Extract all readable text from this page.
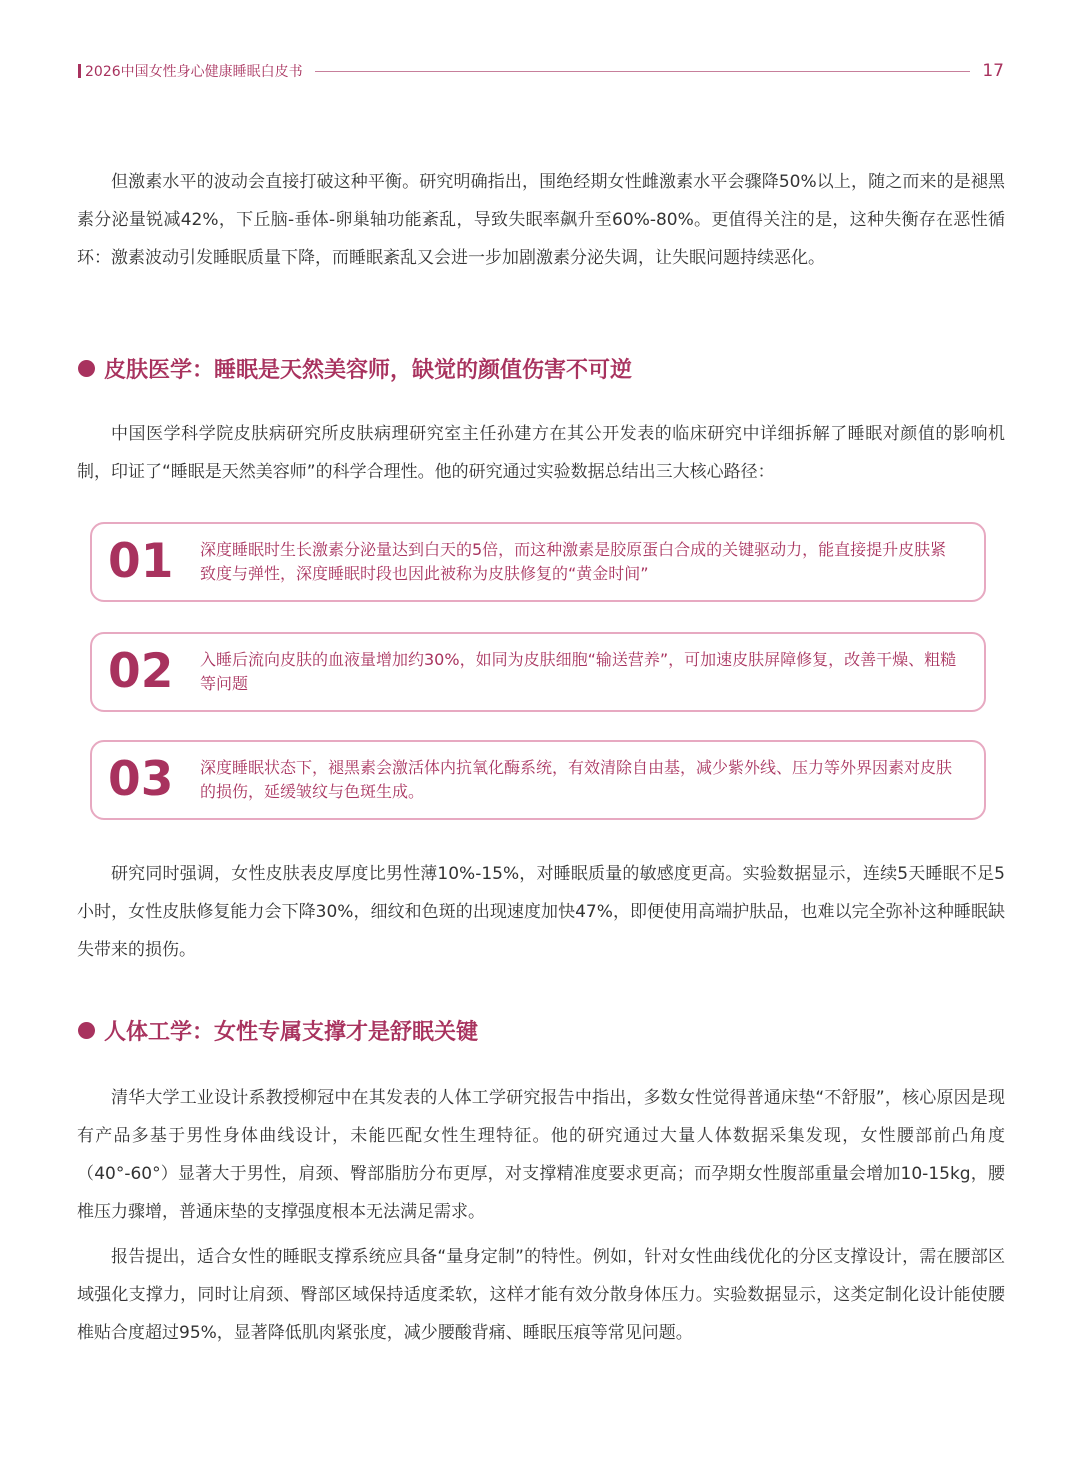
2026中国女性身心健康睡眠白皮书	17

但激素水平的波动会直接打破这种平衡。研究明确指出，围绝经期女性雌激素水平会骤降50%以上，随之而来的是褪黑素分泌量锐减42%，下丘脑-垂体-卵巢轴功能紊乱，导致失眠率飙升至60%-80%。更值得关注的是，这种失衡存在恶性循环：激素波动引发睡眠质量下降，而睡眠紊乱又会进一步加剧激素分泌失调，让失眠问题持续恶化。

皮肤医学：睡眠是天然美容师，缺觉的颜值伤害不可逆

中国医学科学院皮肤病研究所皮肤病理研究室主任孙建方在其公开发表的临床研究中详细拆解了睡眠对颜值的影响机制，印证了“睡眠是天然美容师”的科学合理性。他的研究通过实验数据总结出三大核心路径：

01 深度睡眠时生长激素分泌量达到白天的5倍，而这种激素是胶原蛋白合成的关键驱动力，能直接提升皮肤紧致度与弹性，深度睡眠时段也因此被称为皮肤修复的“黄金时间”
02 入睡后流向皮肤的血液量增加约30%，如同为皮肤细胞“输送营养”，可加速皮肤屏障修复，改善干燥、粗糙等问题
03 深度睡眠状态下，褪黑素会激活体内抗氧化酶系统，有效清除自由基，减少紫外线、压力等外界因素对皮肤的损伤，延缓皱纹与色斑生成。

研究同时强调，女性皮肤表皮厚度比男性薄10%-15%，对睡眠质量的敏感度更高。实验数据显示，连续5天睡眠不足5小时，女性皮肤修复能力会下降30%，细纹和色斑的出现速度加快47%，即便使用高端护肤品，也难以完全弥补这种睡眠缺失带来的损伤。

人体工学：女性专属支撑才是舒眠关键

清华大学工业设计系教授柳冠中在其发表的人体工学研究报告中指出，多数女性觉得普通床垫“不舒服”，核心原因是现有产品多基于男性身体曲线设计，未能匹配女性生理特征。他的研究通过大量人体数据采集发现，女性腰部前凸角度（40°-60°）显著大于男性，肩颈、臀部脂肪分布更厚，对支撑精准度要求更高；而孕期女性腹部重量会增加10-15kg，腰椎压力骤增，普通床垫的支撑强度根本无法满足需求。

报告提出，适合女性的睡眠支撑系统应具备“量身定制”的特性。例如，针对女性曲线优化的分区支撑设计，需在腰部区域强化支撑力，同时让肩颈、臀部区域保持适度柔软，这样才能有效分散身体压力。实验数据显示，这类定制化设计能使腰椎贴合度超过95%，显著降低肌肉紧张度，减少腰酸背痛、睡眠压痕等常见问题。
